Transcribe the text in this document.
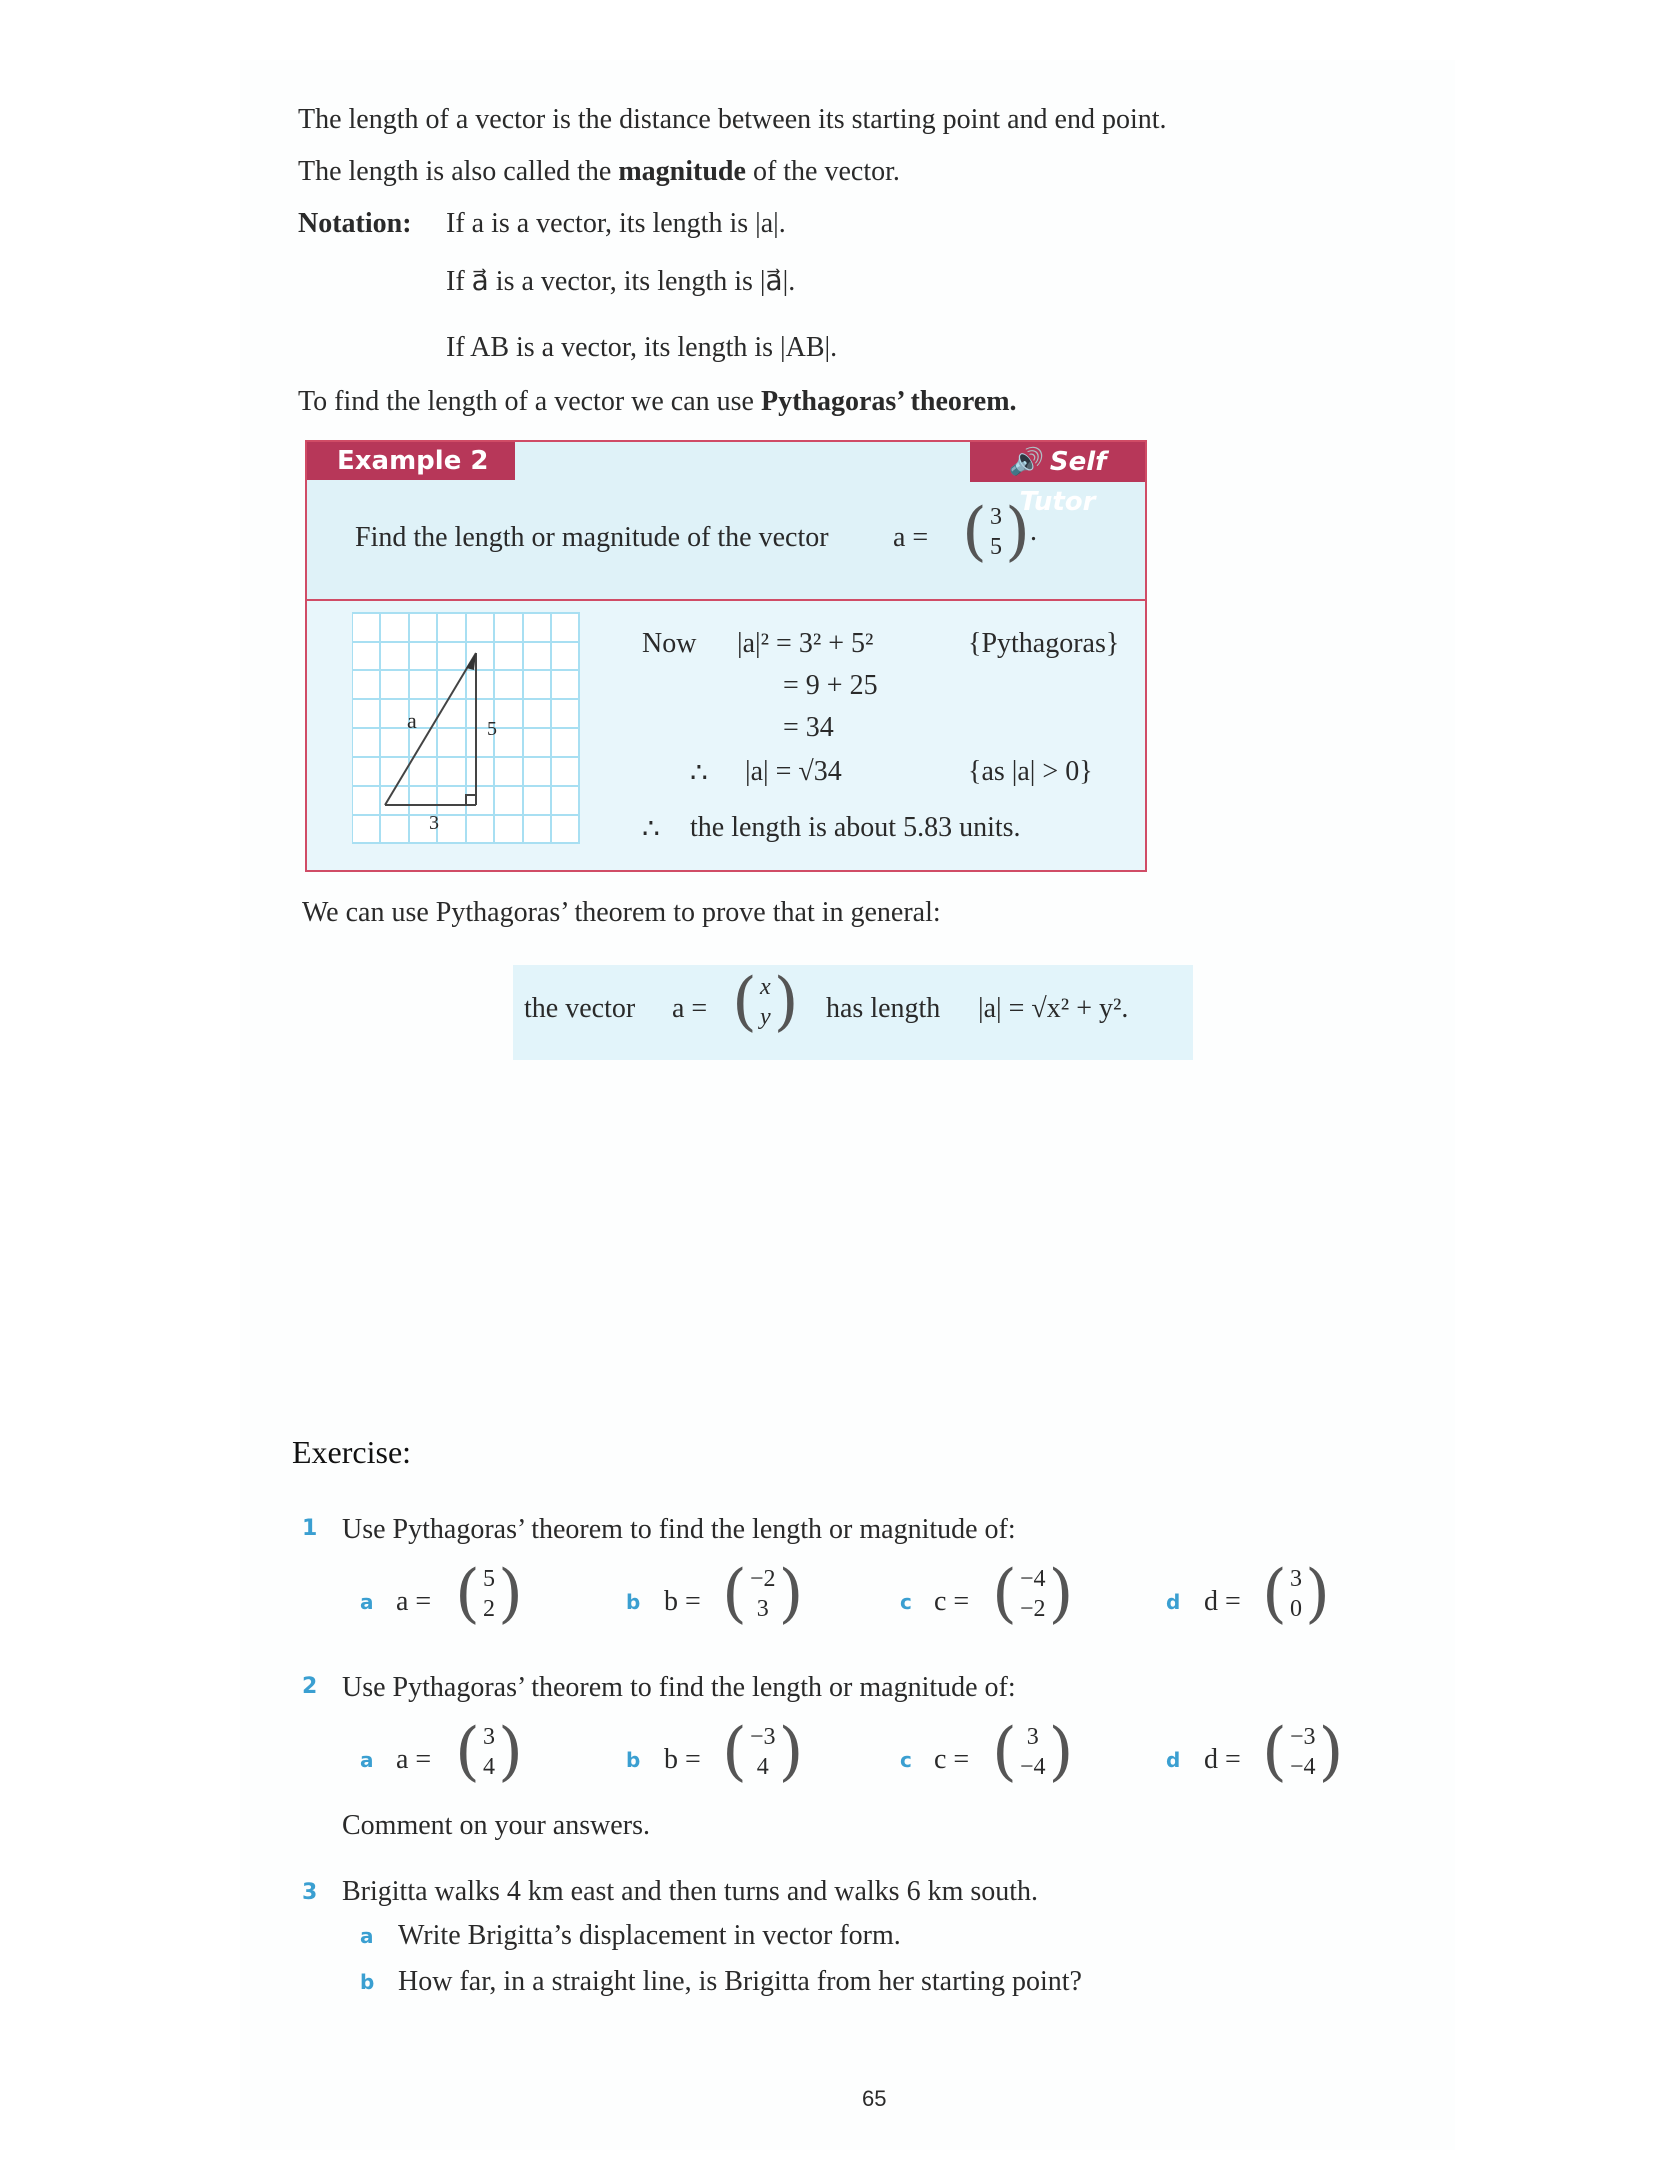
The length of a vector is the distance between its starting point and end point.
The length is also called the magnitude of the vector.
Notation: If a is a vector, its length is |a|.
If a⃗ is a vector, its length is |a⃗|.
If AB is a vector, its length is |AB|.
To find the length of a vector we can use Pythagoras’ theorem.
Example 2	🔊 Self Tutor
Find the length or magnitude of the vector a = ( 3
5 ) .
a	5
3
Now |a|² = 3² + 5²	{Pythagoras}
= 9 + 25
= 34
∴ |a| = √34	{as |a| > 0}
∴ the length is about 5.83 units.
We can use Pythagoras’ theorem to prove that in general:
the vector a = ( x
y ) has length |a| = √x² + y².
Exercise:
1 Use Pythagoras’ theorem to find the length or magnitude of:
a a = ( 5
2 )	b b = ( −2
3 )	c c = ( −4
−2 )	d d = ( 3
0 )
2 Use Pythagoras’ theorem to find the length or magnitude of:
a a = ( 3
4 )	b b = ( −3
4 )	c c = ( 3
−4 )	d d = ( −3
−4 )
Comment on your answers.
3 Brigitta walks 4 km east and then turns and walks 6 km south.
a Write Brigitta’s displacement in vector form.
b How far, in a straight line, is Brigitta from her starting point?
65
